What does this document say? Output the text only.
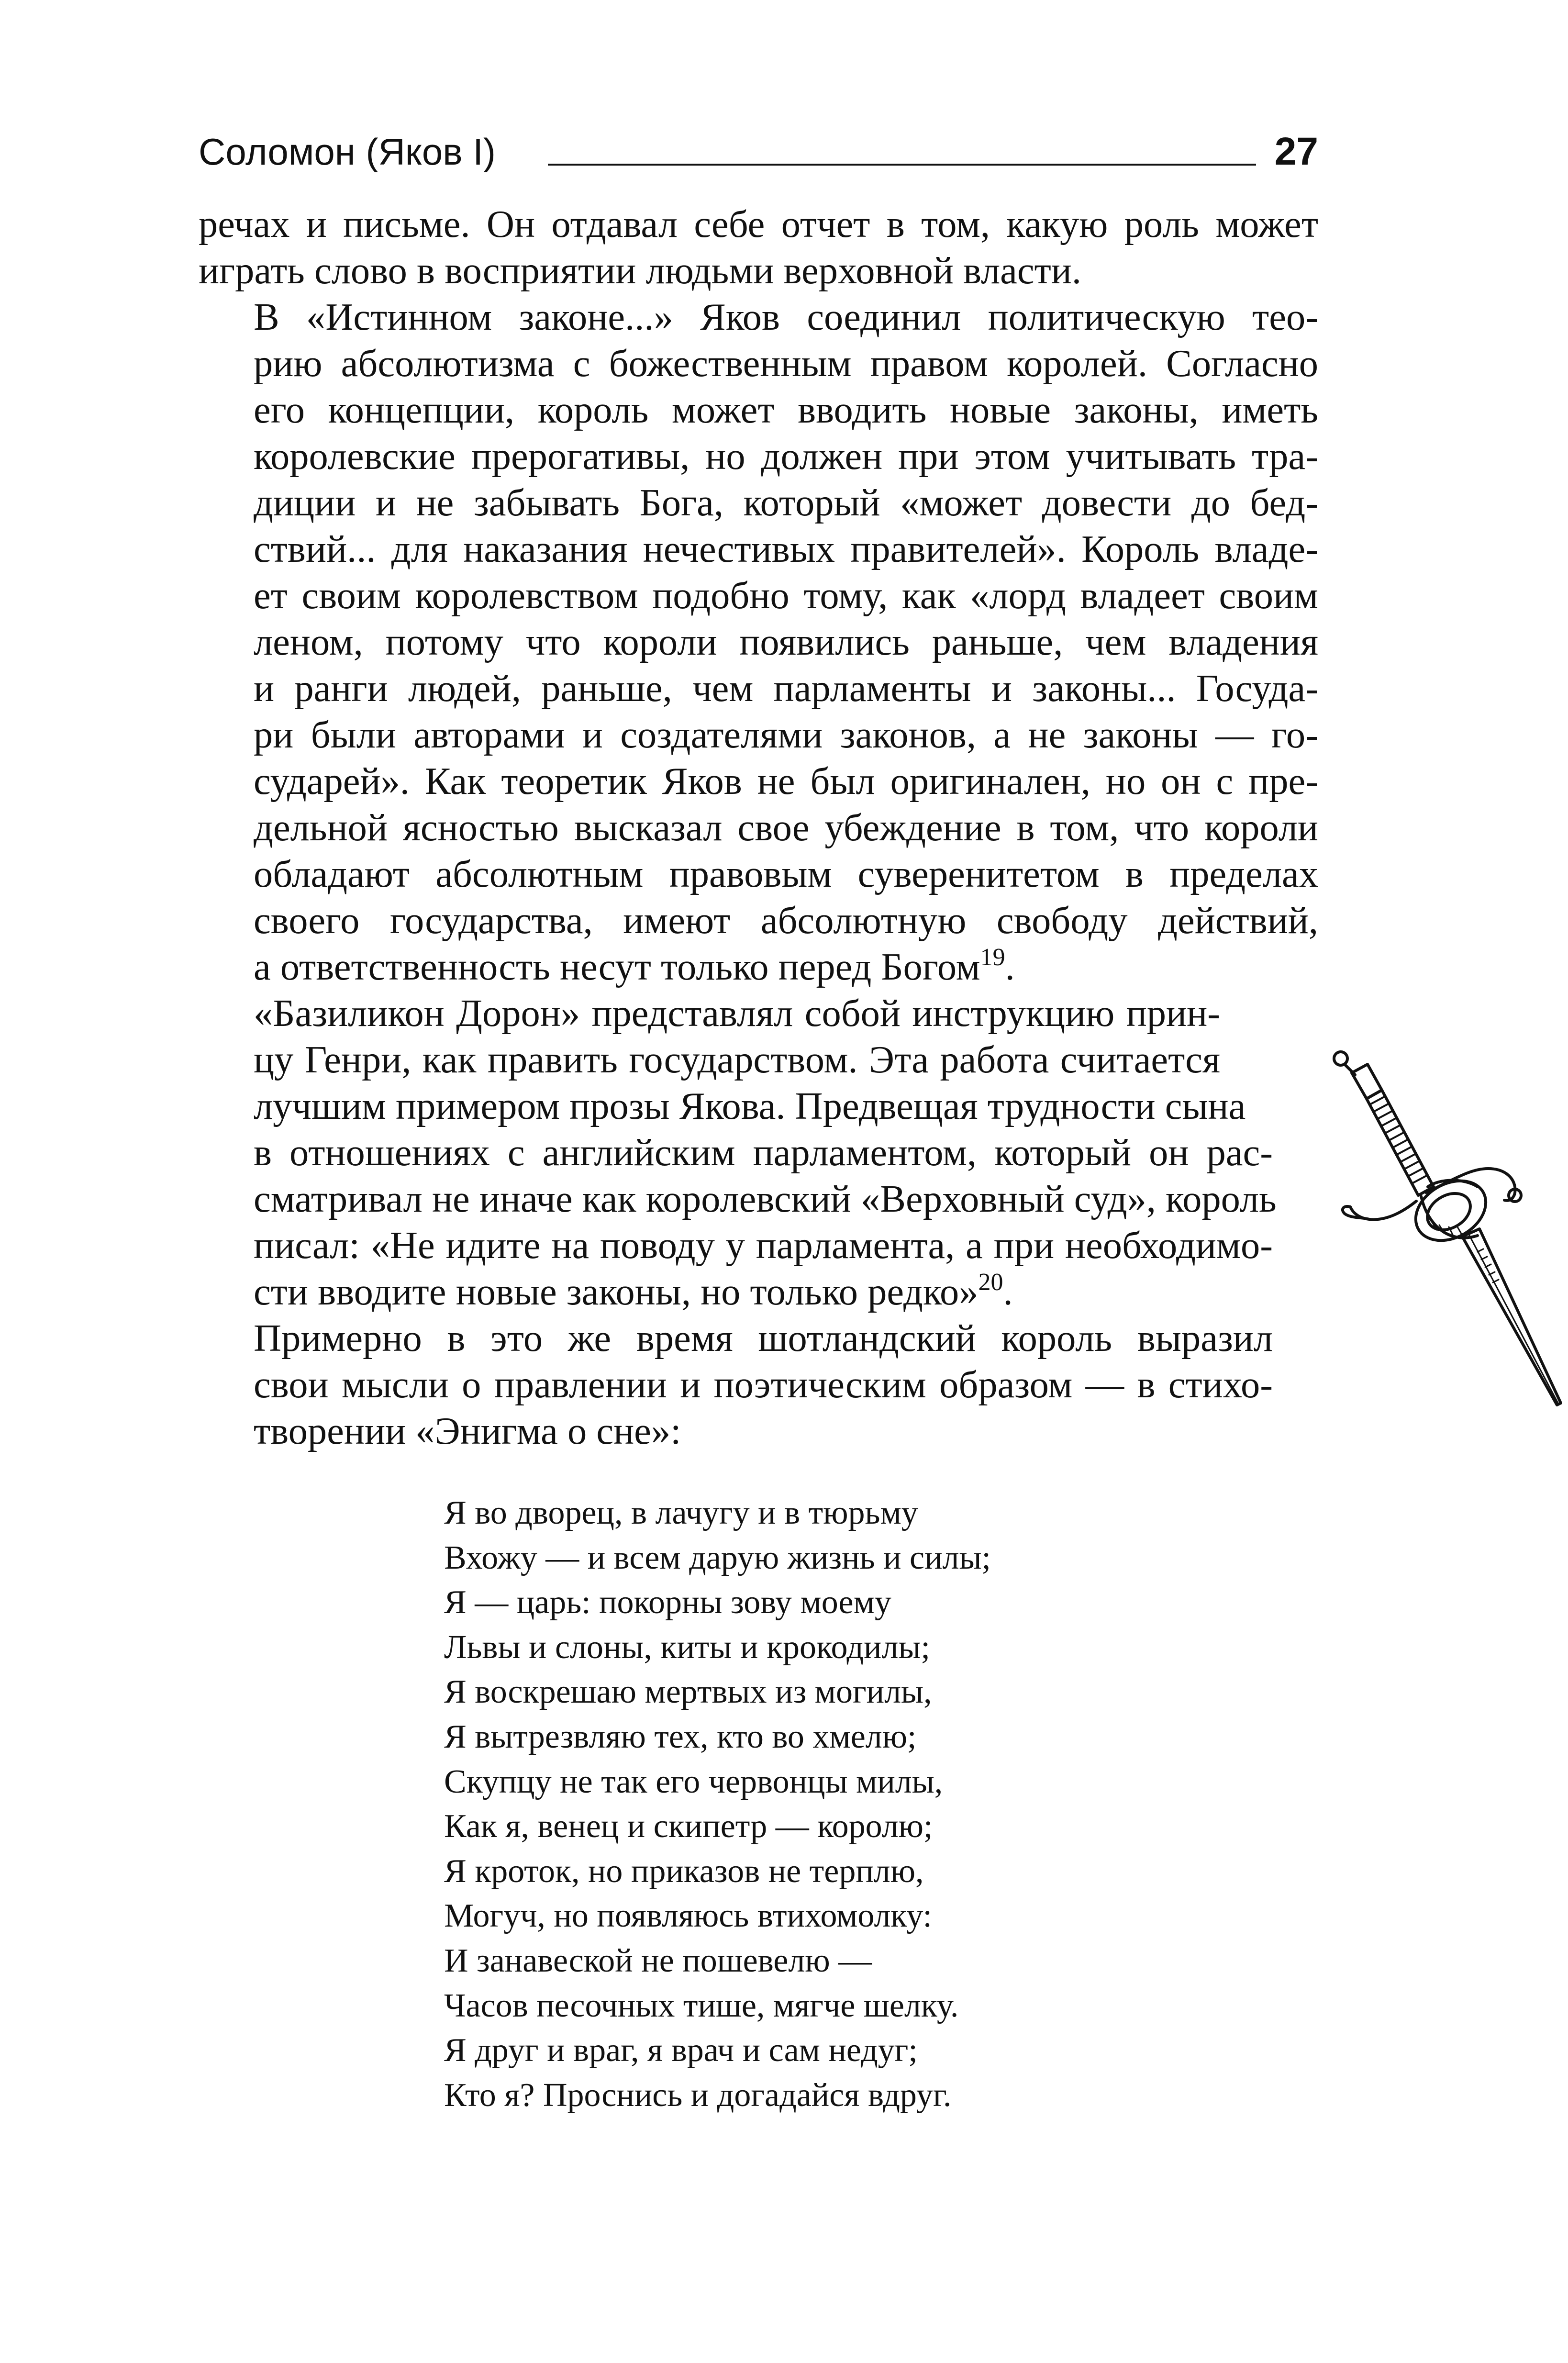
Соломон (Яков I)	27

речах и письме. Он отдавал себе отчет в том, какую роль может
играть слово в восприятии людьми верховной власти.

В «Истинном законе...» Яков соединил политическую тео-
рию абсолютизма с божественным правом королей. Согласно
его концепции, король может вводить новые законы, иметь
королевские прерогативы, но должен при этом учитывать тра-
диции и не забывать Бога, который «может довести до бед-
ствий... для наказания нечестивых правителей». Король владе-
ет своим королевством подобно тому, как «лорд владеет своим
леном, потому что короли появились раньше, чем владения
и ранги людей, раньше, чем парламенты и законы... Госуда-
ри были авторами и создателями законов, а не законы — го-
сударей». Как теоретик Яков не был оригинален, но он с пре-
дельной ясностью высказал свое убеждение в том, что короли
обладают абсолютным правовым суверенитетом в пределах
своего государства, имеют абсолютную свободу действий,
а ответственность несут только перед Богом$^{19}$.

«Базиликон Дорон» представлял собой инструкцию прин-
цу Генри, как править государством. Эта работа считается
лучшим примером прозы Якова. Предвещая трудности сына
в отношениях с английским парламентом, который он рас-
сматривал не иначе как королевский «Верховный суд», король
писал: «Не идите на поводу у парламента, а при необходимо-
сти вводите новые законы, но только редко»$^{20}$.

Примерно в это же время шотландский король выразил
свои мысли о правлении и поэтическим образом — в стихо-
творении «Энигма о сне»:

Я во дворец, в лачугу и в тюрьму

Вхожу — и всем дарую жизнь и силы;

Я — царь: покорны зову моему

Львы и слоны, киты и крокодилы;

Я воскрешаю мертвых из могилы,

Я вытрезвляю тех, кто во хмелю;

Скупцу не так его червонцы милы,

Как я, венец и скипетр — королю;

Я кроток, но приказов не терплю,

Могуч, но появляюсь втихомолку:

И занавеской не пошевелю —

Часов песочных тише, мягче шелку.

Я друг и враг, я врач и сам недуг;

Кто я? Проснись и догадайся вдруг.
